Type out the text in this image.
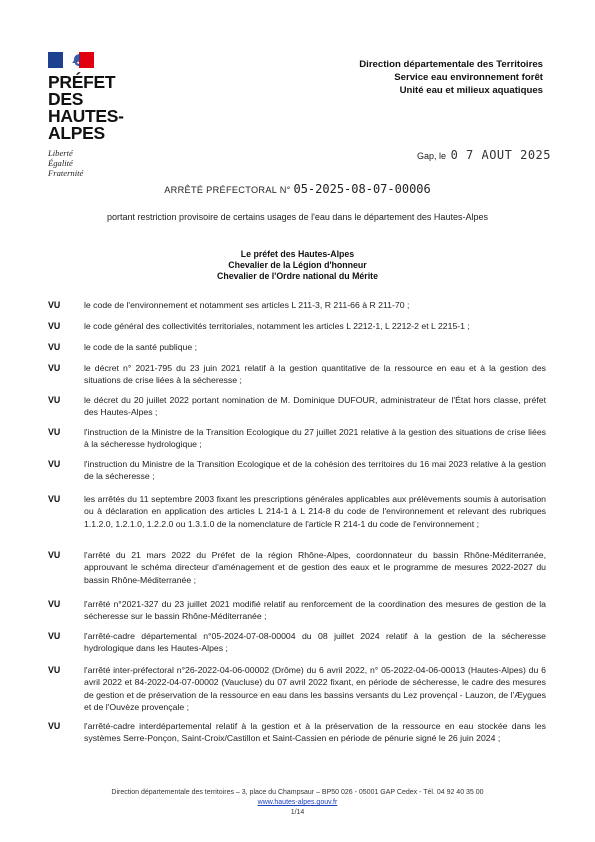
PRÉFET
DES HAUTES-
ALPES
Liberté
Égalité
Fraternité
Direction départementale des Territoires
Service eau environnement forêt
Unité eau et milieux aquatiques
Gap, le 0 7 AOUT 2025
ARRÊTÉ PRÉFECTORAL N° 05-2025-08-07-00006
portant restriction provisoire de certains usages de l'eau dans le département des Hautes-Alpes
Le préfet des Hautes-Alpes
Chevalier de la Légion d'honneur
Chevalier de l'Ordre national du Mérite
VU	le code de l'environnement et notamment ses articles L 211-3, R 211-66 à R 211-70 ;
VU	le code général des collectivités territoriales, notamment les articles L 2212-1, L 2212-2 et L 2215-1 ;
VU	le code de la santé publique ;
VU	le décret n° 2021-795 du 23 juin 2021 relatif à la gestion quantitative de la ressource en eau et à la gestion des situations de crise liées à la sécheresse ;
VU	le décret du 20 juillet 2022 portant nomination de M. Dominique DUFOUR, administrateur de l'État hors classe, préfet des Hautes-Alpes ;
VU	l'instruction de la Ministre de la Transition Ecologique du 27 juillet 2021 relative à la gestion des situations de crise liées à la sécheresse hydrologique ;
VU	l'instruction du Ministre de la Transition Ecologique et de la cohésion des territoires du 16 mai 2023 relative à la gestion de la sécheresse ;
VU	les arrêtés du 11 septembre 2003 fixant les prescriptions générales applicables aux prélèvements soumis à autorisation ou à déclaration en application des articles L 214-1 à L 214-8 du code de l'environnement et relevant des rubriques 1.1.2.0, 1.2.1.0, 1.2.2.0 ou 1.3.1.0 de la nomenclature de l'article R 214-1 du code de l'environnement ;
VU	l'arrêté du 21 mars 2022 du Préfet de la région Rhône-Alpes, coordonnateur du bassin Rhône-Méditerranée, approuvant le schéma directeur d'aménagement et de gestion des eaux et le programme de mesures 2022-2027 du bassin Rhône-Méditerranée ;
VU	l'arrêté n°2021-327 du 23 juillet 2021 modifié relatif au renforcement de la coordination des mesures de gestion de la sécheresse sur le bassin Rhône-Méditerranée ;
VU	l'arrêté-cadre départemental n°05-2024-07-08-00004 du 08 juillet 2024 relatif à la gestion de la sécheresse hydrologique dans les Hautes-Alpes ;
VU	l'arrêté inter-préfectoral n°26-2022-04-06-00002 (Drôme) du 6 avril 2022, n° 05-2022-04-06-00013 (Hautes-Alpes) du 6 avril 2022 et 84-2022-04-07-00002 (Vaucluse) du 07 avril 2022 fixant, en période de sécheresse, le cadre des mesures de gestion et de préservation de la ressource en eau dans les bassins versants du Lez provençal - Lauzon, de l'Æygues et de l'Ouvèze provençale ;
VU	l'arrêté-cadre interdépartemental relatif à la gestion et à la préservation de la ressource en eau stockée dans les systèmes Serre-Ponçon, Saint-Croix/Castillon et Saint-Cassien en période de pénurie signé le 26 juin 2024 ;
Direction départementale des territoires – 3, place du Champsaur – BP50 026 - 05001 GAP Cedex - Tél. 04 92 40 35 00
www.hautes-alpes.gouv.fr
1/14
